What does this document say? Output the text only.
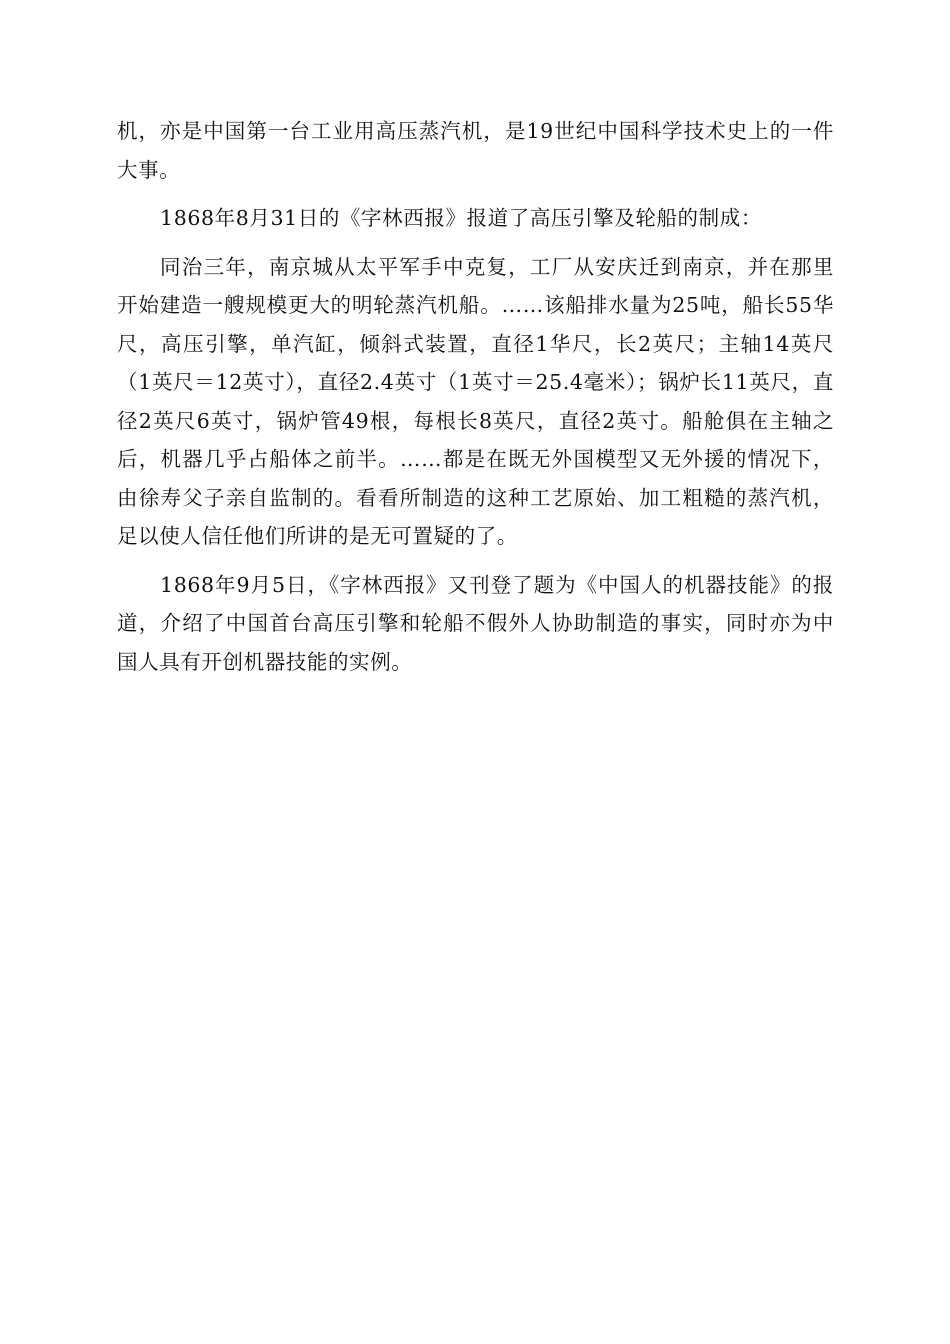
机，亦是中国第一台工业用高压蒸汽机，是19世纪中国科学技术史上的一件大事。

1868年8月31日的《字林西报》报道了高压引擎及轮船的制成：

同治三年，南京城从太平军手中克复，工厂从安庆迁到南京，并在那里开始建造一艘规模更大的明轮蒸汽机船。……该船排水量为25吨，船长55华尺，高压引擎，单汽缸，倾斜式装置，直径1华尺，长2英尺；主轴14英尺（1英尺＝12英寸），直径2.4英寸（1英寸＝25.4毫米）；锅炉长11英尺，直径2英尺6英寸，锅炉管49根，每根长8英尺，直径2英寸。船舱俱在主轴之后，机器几乎占船体之前半。……都是在既无外国模型又无外援的情况下，由徐寿父子亲自监制的。看看所制造的这种工艺原始、加工粗糙的蒸汽机，足以使人信任他们所讲的是无可置疑的了。

1868年9月5日，《字林西报》又刊登了题为《中国人的机器技能》的报道，介绍了中国首台高压引擎和轮船不假外人协助制造的事实，同时亦为中国人具有开创机器技能的实例。
